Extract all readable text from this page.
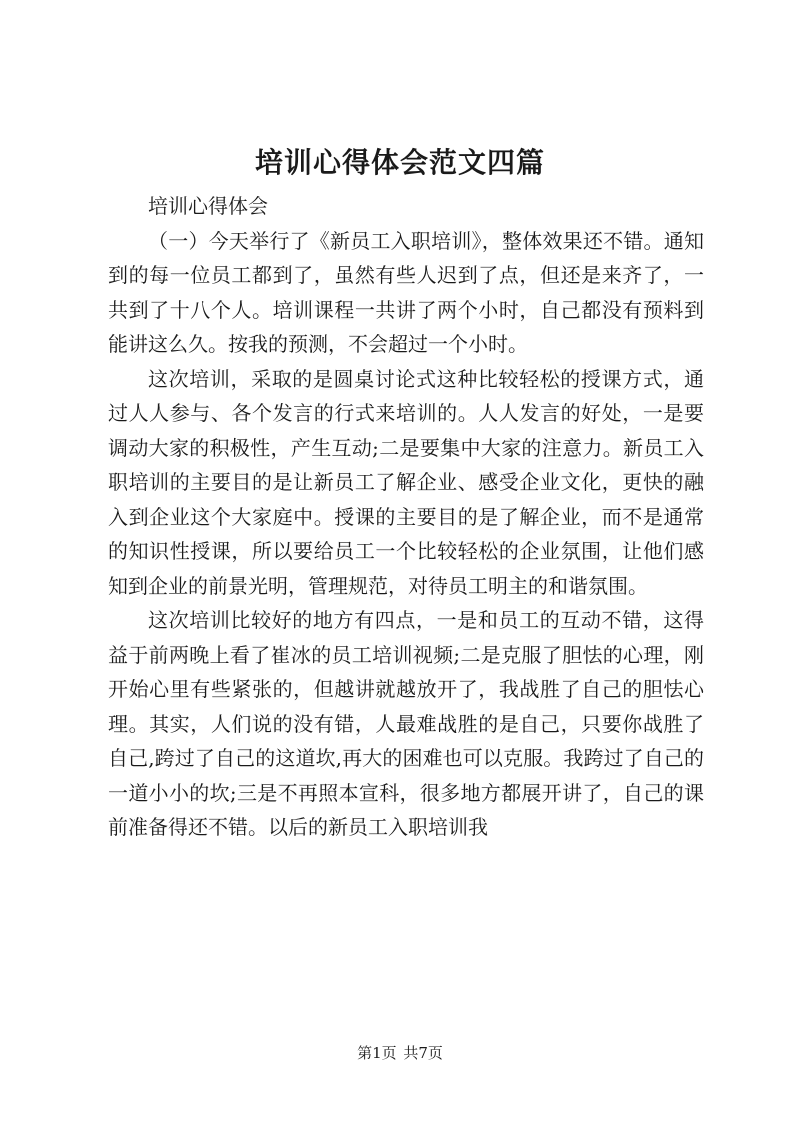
培训心得体会范文四篇

培训心得体会

（一）今天举行了《新员工入职培训》，整体效果还不错。通知到的每一位员工都到了，虽然有些人迟到了点，但还是来齐了，一共到了十八个人。培训课程一共讲了两个小时，自己都没有预料到能讲这么久。按我的预测，不会超过一个小时。

这次培训，采取的是圆桌讨论式这种比较轻松的授课方式，通过人人参与、各个发言的行式来培训的。人人发言的好处，一是要调动大家的积极性，产生互动;二是要集中大家的注意力。新员工入职培训的主要目的是让新员工了解企业、感受企业文化，更快的融入到企业这个大家庭中。授课的主要目的是了解企业，而不是通常的知识性授课，所以要给员工一个比较轻松的企业氛围，让他们感知到企业的前景光明，管理规范，对待员工明主的和谐氛围。

这次培训比较好的地方有四点，一是和员工的互动不错，这得益于前两晚上看了崔冰的员工培训视频;二是克服了胆怯的心理，刚开始心里有些紧张的，但越讲就越放开了，我战胜了自己的胆怯心理。其实，人们说的没有错，人最难战胜的是自己，只要你战胜了自己,跨过了自己的这道坎,再大的困难也可以克服。我跨过了自己的一道小小的坎;三是不再照本宣科，很多地方都展开讲了，自己的课前准备得还不错。以后的新员工入职培训我

第1页 共7页
